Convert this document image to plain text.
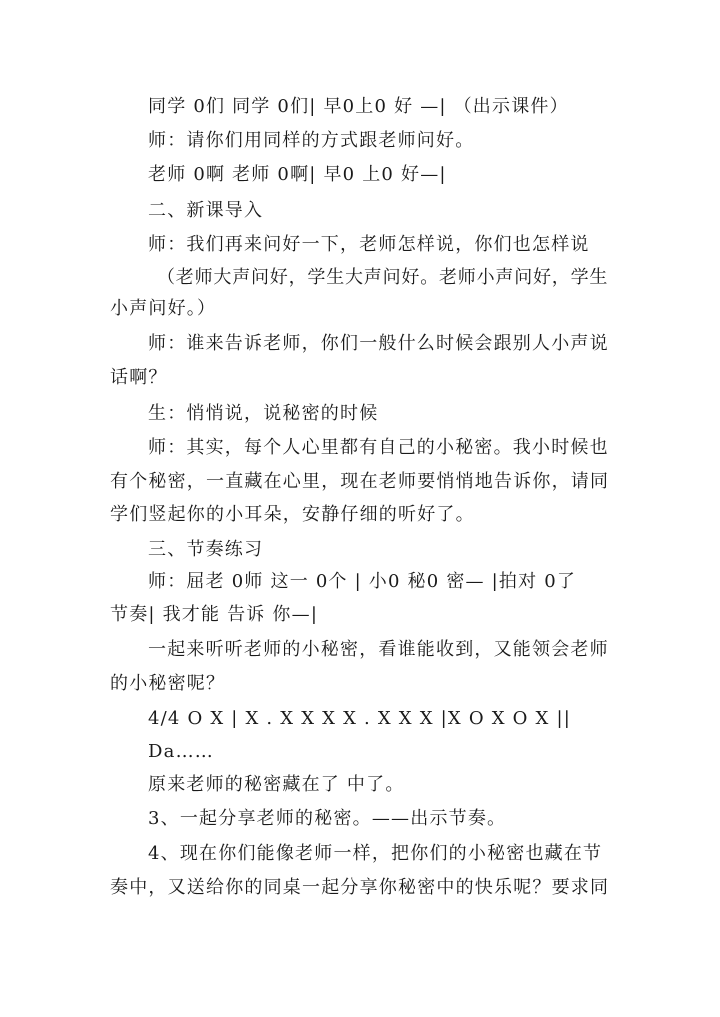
同学 0们 同学 0们| 早0上0 好 —| （出示课件）
师：请你们用同样的方式跟老师问好。
老师 0啊 老师 0啊| 早0 上0 好—|
二、新课导入
师：我们再来问好一下，老师怎样说，你们也怎样说
（老师大声问好，学生大声问好。老师小声问好，学生
小声问好。）
师：谁来告诉老师，你们一般什么时候会跟别人小声说
话啊？
生：悄悄说，说秘密的时候
师：其实，每个人心里都有自己的小秘密。我小时候也
有个秘密，一直藏在心里，现在老师要悄悄地告诉你，请同
学们竖起你的小耳朵，安静仔细的听好了。
三、节奏练习
师：屈老 0师 这一 0个 | 小0 秘0 密— |拍对 0了
节奏| 我才能 告诉 你—|
一起来听听老师的小秘密，看谁能收到，又能领会老师
的小秘密呢？
4/4 O X | X . X X X X . X X X |X O X O X ||
Da……
原来老师的秘密藏在了 中了。
3、一起分享老师的秘密。——出示节奏。
4、现在你们能像老师一样，把你们的小秘密也藏在节
奏中，又送给你的同桌一起分享你秘密中的快乐呢？要求同
